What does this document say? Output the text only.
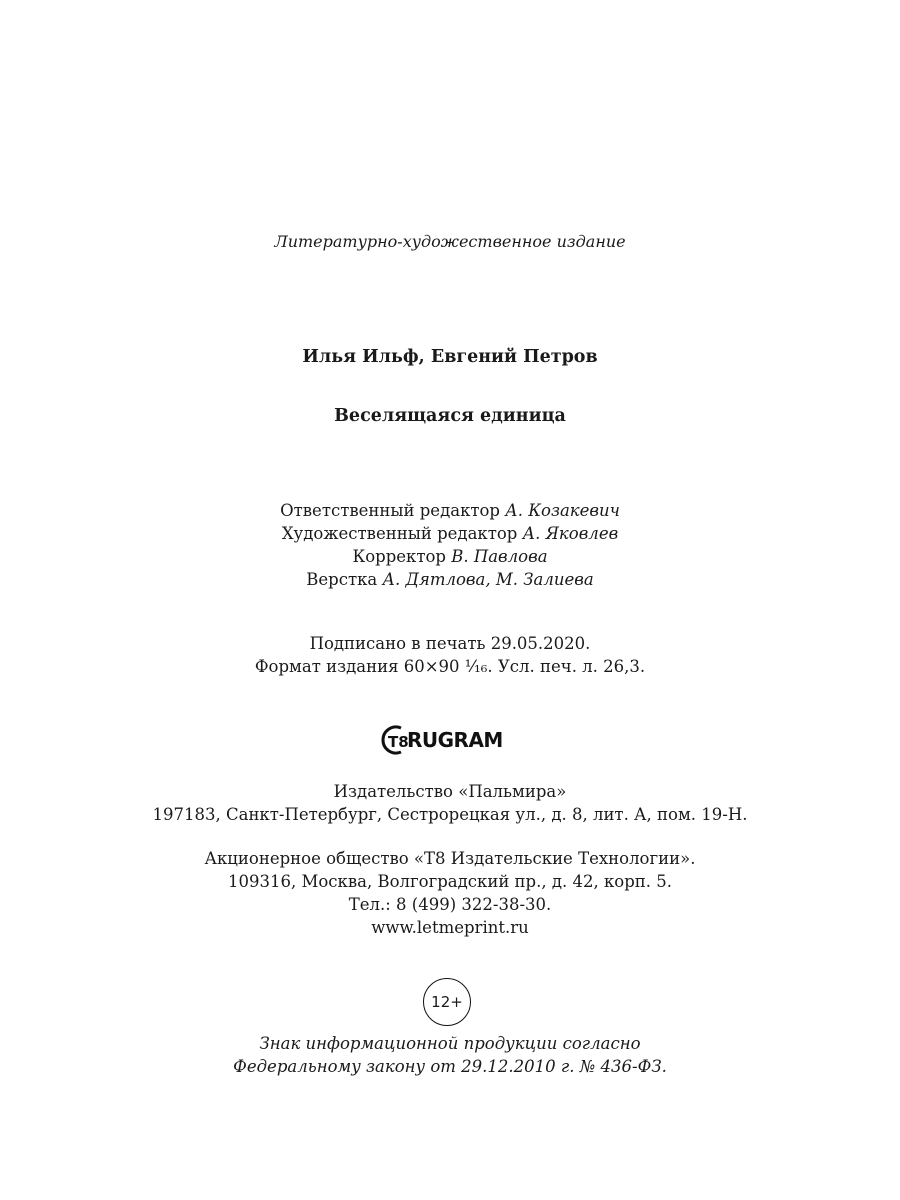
Литературно-художественное издание
Илья Ильф, Евгений Петров
Веселящаяся единица
Ответственный редактор А. Козакевич
Художественный редактор А. Яковлев
Корректор В. Павлова
Верстка А. Дятлова, М. Залиева
Подписано в печать 29.05.2020.
Формат издания 60×90 ¹⁄₁₆. Усл. печ. л. 26,3.
T8
RUGRAM
Издательство «Пальмира»
197183, Санкт-Петербург, Сестрорецкая ул., д. 8, лит. А, пом. 19-Н.
Акционерное общество «Т8 Издательские Технологии».
109316, Москва, Волгоградский пр., д. 42, корп. 5.
Тел.: 8 (499) 322-38-30.
www.letmeprint.ru
12+
Знак информационной продукции согласно
Федеральному закону от 29.12.2010 г. № 436-ФЗ.
